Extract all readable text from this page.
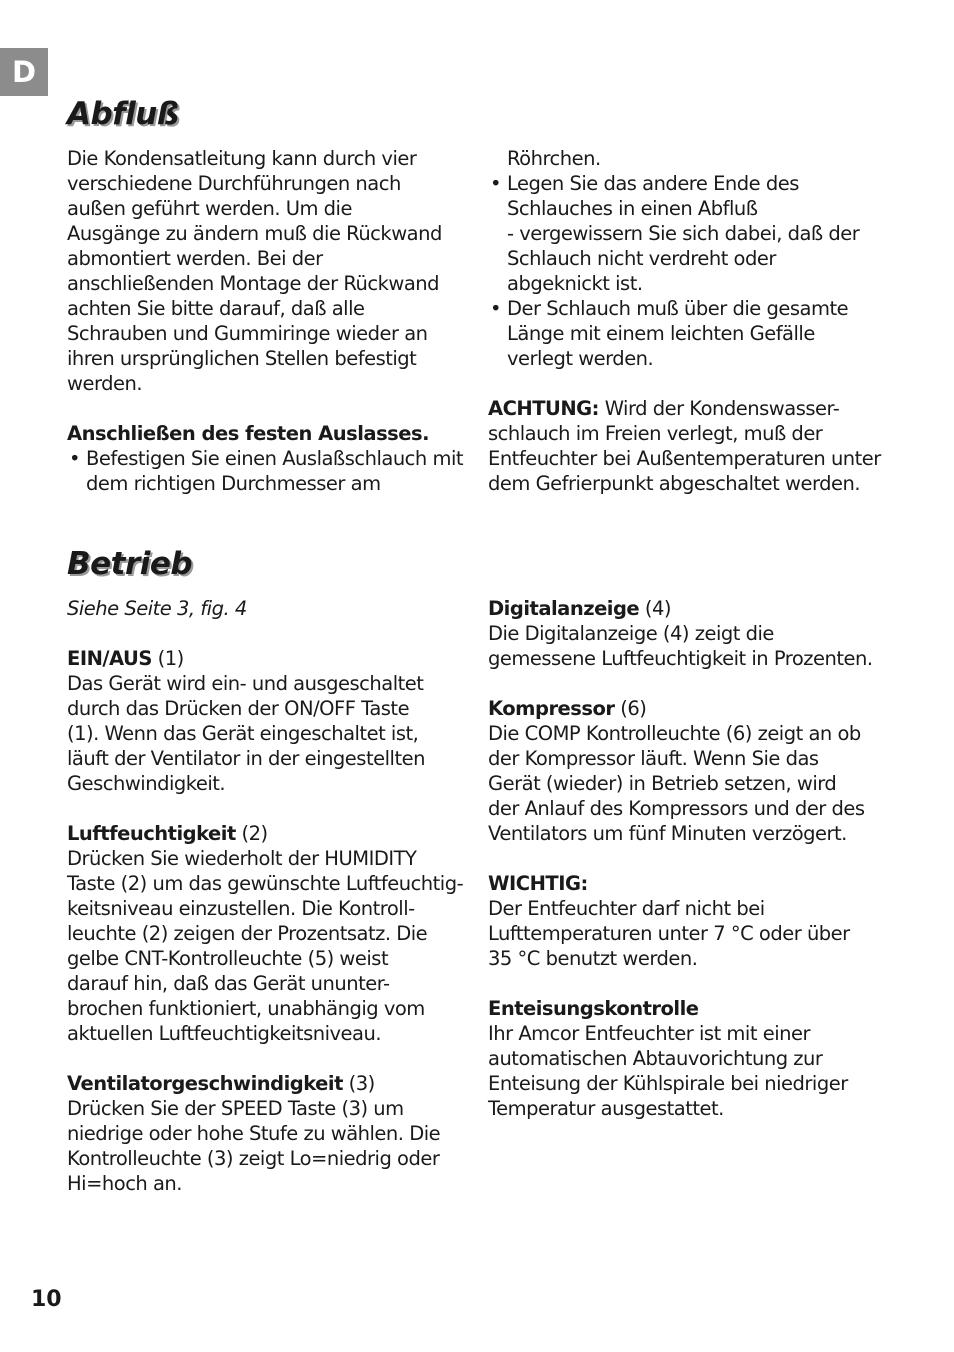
D
Abfluß

Die Kondensatleitung kann durch vier
verschiedene Durchführungen nach
außen geführt werden. Um die
Ausgänge zu ändern muß die Rückwand
abmontiert werden. Bei der
anschließenden Montage der Rückwand
achten Sie bitte darauf, daß alle
Schrauben und Gummiringe wieder an
ihren ursprünglichen Stellen befestigt
werden.

Anschließen des festen Auslasses.

• Befestigen Sie einen Auslaßschlauch mit
dem richtigen Durchmesser am

Röhrchen.

• Legen Sie das andere Ende des
Schlauches in einen Abfluß
- vergewissern Sie sich dabei, daß der
Schlauch nicht verdreht oder
abgeknickt ist.
• Der Schlauch muß über die gesamte
Länge mit einem leichten Gefälle
verlegt werden.

ACHTUNG: Wird der Kondenswasser-
schlauch im Freien verlegt, muß der
Entfeuchter bei Außentemperaturen unter
dem Gefrierpunkt abgeschaltet werden.

Betrieb

Siehe Seite 3, fig. 4

EIN/AUS (1)
Das Gerät wird ein- und ausgeschaltet
durch das Drücken der ON/OFF Taste
(1). Wenn das Gerät eingeschaltet ist,
läuft der Ventilator in der eingestellten
Geschwindigkeit.

Luftfeuchtigkeit (2)
Drücken Sie wiederholt der HUMIDITY
Taste (2) um das gewünschte Luftfeuchtig-
keitsniveau einzustellen. Die Kontroll-
leuchte (2) zeigen der Prozentsatz. Die
gelbe CNT-Kontrolleuchte (5) weist
darauf hin, daß das Gerät ununter-
brochen funktioniert, unabhängig vom
aktuellen Luftfeuchtigkeitsniveau.

Ventilatorgeschwindigkeit (3)
Drücken Sie der SPEED Taste (3) um
niedrige oder hohe Stufe zu wählen. Die
Kontrolleuchte (3) zeigt Lo=niedrig oder
Hi=hoch an.

Digitalanzeige (4)
Die Digitalanzeige (4) zeigt die
gemessene Luftfeuchtigkeit in Prozenten.

Kompressor (6)
Die COMP Kontrolleuchte (6) zeigt an ob
der Kompressor läuft. Wenn Sie das
Gerät (wieder) in Betrieb setzen, wird
der Anlauf des Kompressors und der des
Ventilators um fünf Minuten verzögert.

WICHTIG:
Der Entfeuchter darf nicht bei
Lufttemperaturen unter 7 °C oder über
35 °C benutzt werden.

Enteisungskontrolle
Ihr Amcor Entfeuchter ist mit einer
automatischen Abtauvorichtung zur
Enteisung der Kühlspirale bei niedriger
Temperatur ausgestattet.

10
